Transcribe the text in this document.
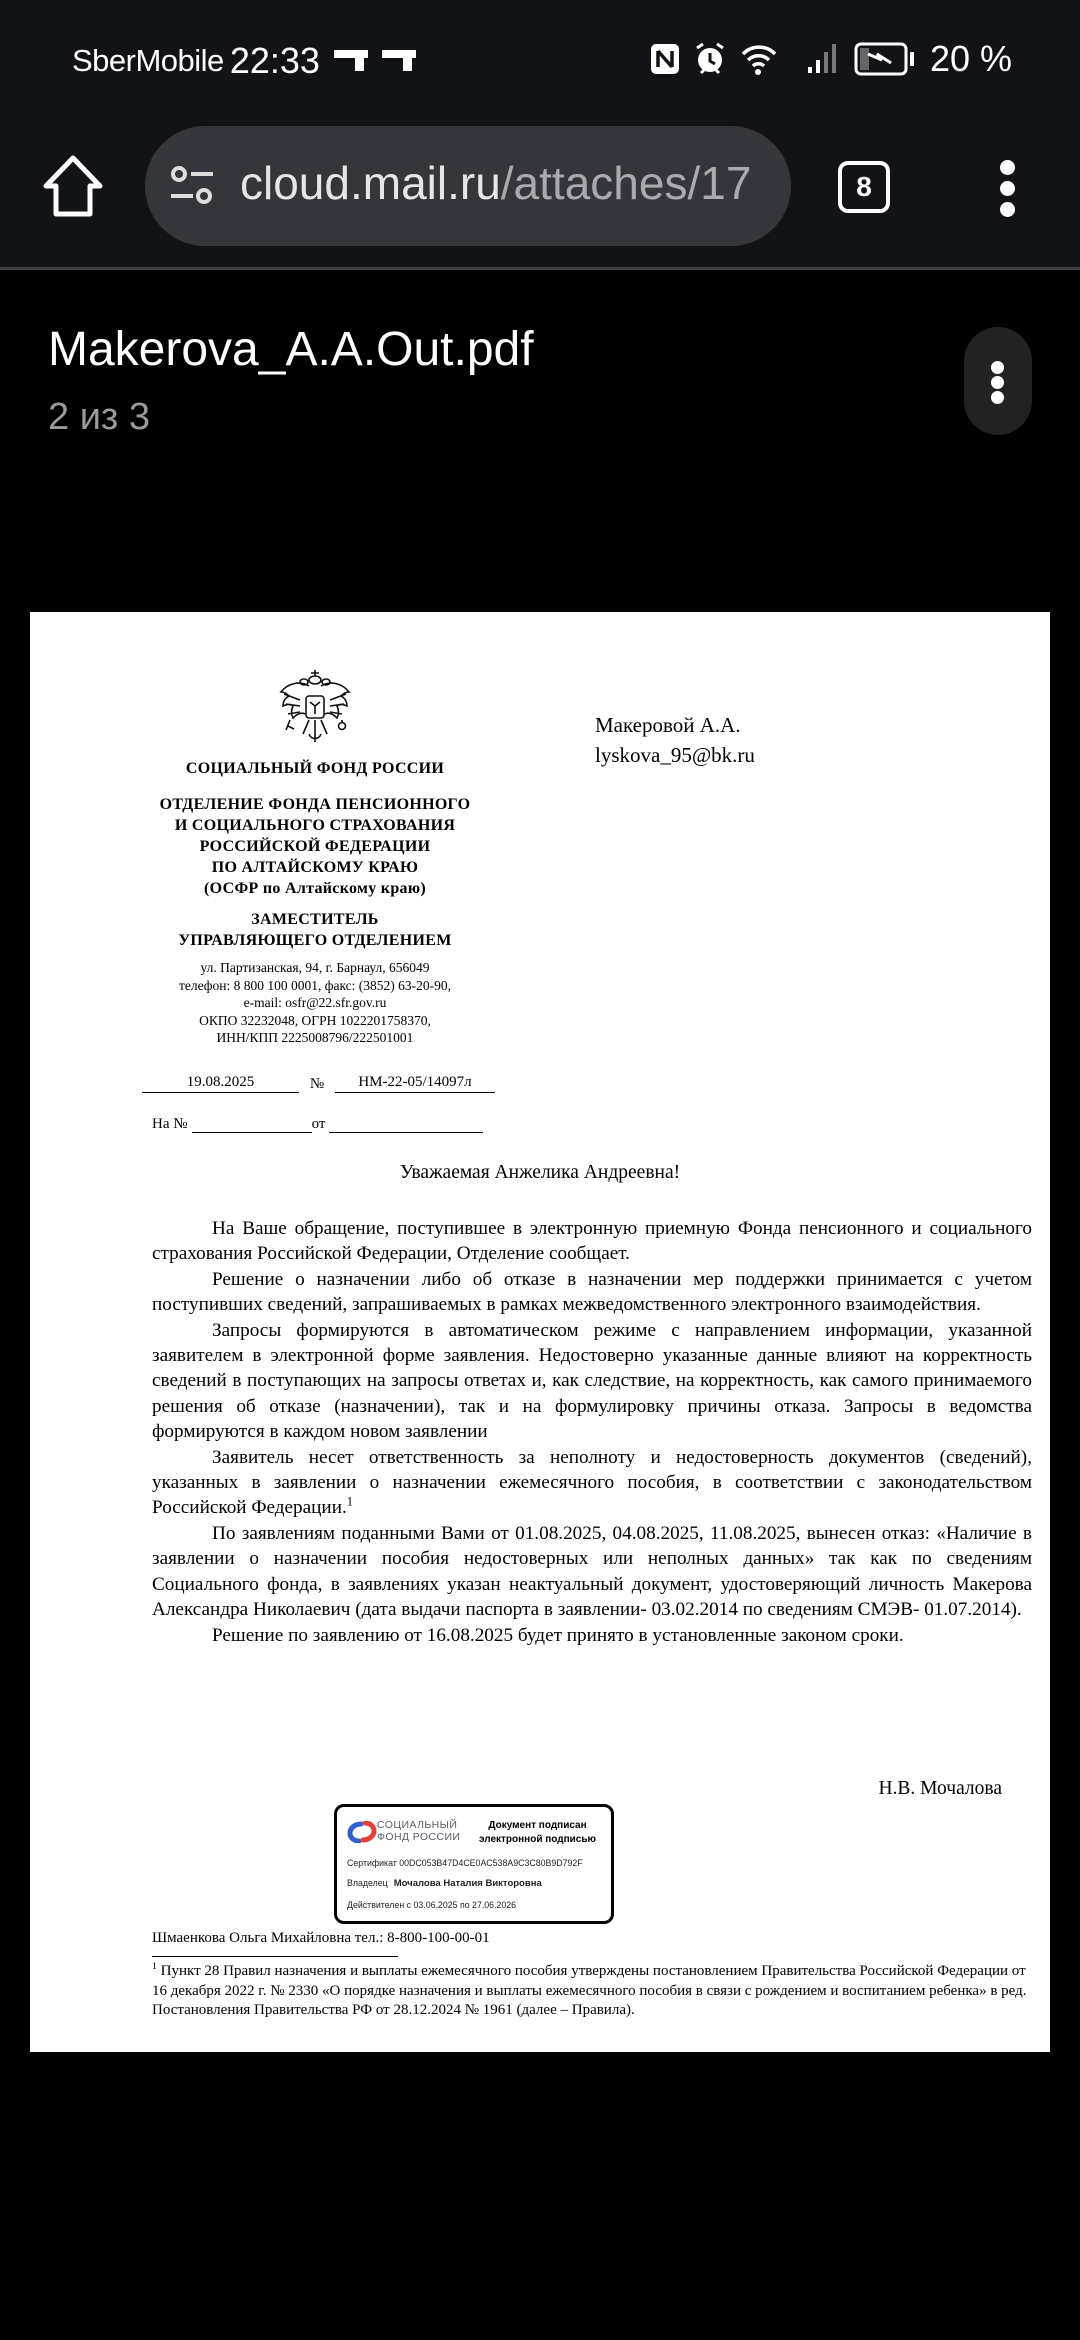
SberMobile 22:33	20 %
cloud.mail.ru/attaches/17	8
Makerova_A.A.Out.pdf
2 из 3
СОЦИАЛЬНЫЙ ФОНД РОССИИ
ОТДЕЛЕНИЕ ФОНДА ПЕНСИОННОГО
И СОЦИАЛЬНОГО СТРАХОВАНИЯ
РОССИЙСКОЙ ФЕДЕРАЦИИ
ПО АЛТАЙСКОМУ КРАЮ
(ОСФР по Алтайскому краю)
ЗАМЕСТИТЕЛЬ
УПРАВЛЯЮЩЕГО ОТДЕЛЕНИЕМ
ул. Партизанская, 94, г. Барнаул, 656049
телефон: 8 800 100 0001, факс: (3852) 63-20-90,
e-mail: osfr@22.sfr.gov.ru
ОКПО 32232048, ОГРН 1022201758370,
ИНН/КПП 2225008796/222501001
19.08.2025	№	НМ-22-05/14097л
На №	от
Макеровой А.А.
lyskova_95@bk.ru
Уважаемая Анжелика Андреевна!

На Ваше обращение, поступившее в электронную приемную Фонда пенсионного и социального страхования Российской Федерации, Отделение сообщает.

Решение о назначении либо об отказе в назначении мер поддержки принимается с учетом поступивших сведений, запрашиваемых в рамках межведомственного электронного взаимодействия.

Запросы формируются в автоматическом режиме с направлением информации, указанной заявителем в электронной форме заявления. Недостоверно указанные данные влияют на корректность сведений в поступающих на запросы ответах и, как следствие, на корректность, как самого принимаемого решения об отказе (назначении), так и на формулировку причины отказа. Запросы в ведомства формируются в каждом новом заявлении

Заявитель несет ответственность за неполноту и недостоверность документов (сведений), указанных в заявлении о назначении ежемесячного пособия, в соответствии с законодательством Российской Федерации.$^1$

По заявлениям поданными Вами от 01.08.2025, 04.08.2025, 11.08.2025, вынесен отказ: «Наличие в заявлении о назначении пособия недостоверных или неполных данных» так как по сведениям Социального фонда, в заявлениях указан неактуальный документ, удостоверяющий личность Макерова Александра Николаевич (дата выдачи паспорта в заявлении- 03.02.2014 по сведениям СМЭВ- 01.07.2014).

Решение по заявлению от 16.08.2025 будет принято в установленные законом сроки.

Н.В. Мочалова
СОЦИАЛЬНЫЙ
ФОНД РОССИИ
Документ подписан
электронной подписью
Сертификат 00DC053B47D4CE0AC538A9C3C80B9D792F
Владелец Мочалова Наталия Викторовна
Действителен с 03.06.2025 по 27.06.2026
Шмаенкова Ольга Михайловна тел.: 8-800-100-00-01
$^1$ Пункт 28 Правил назначения и выплаты ежемесячного пособия утверждены постановлением Правительства Российской Федерации от 16 декабря 2022 г. № 2330 «О порядке назначения и выплаты ежемесячного пособия в связи с рождением и воспитанием ребенка» в ред. Постановления Правительства РФ от 28.12.2024 № 1961 (далее – Правила).
